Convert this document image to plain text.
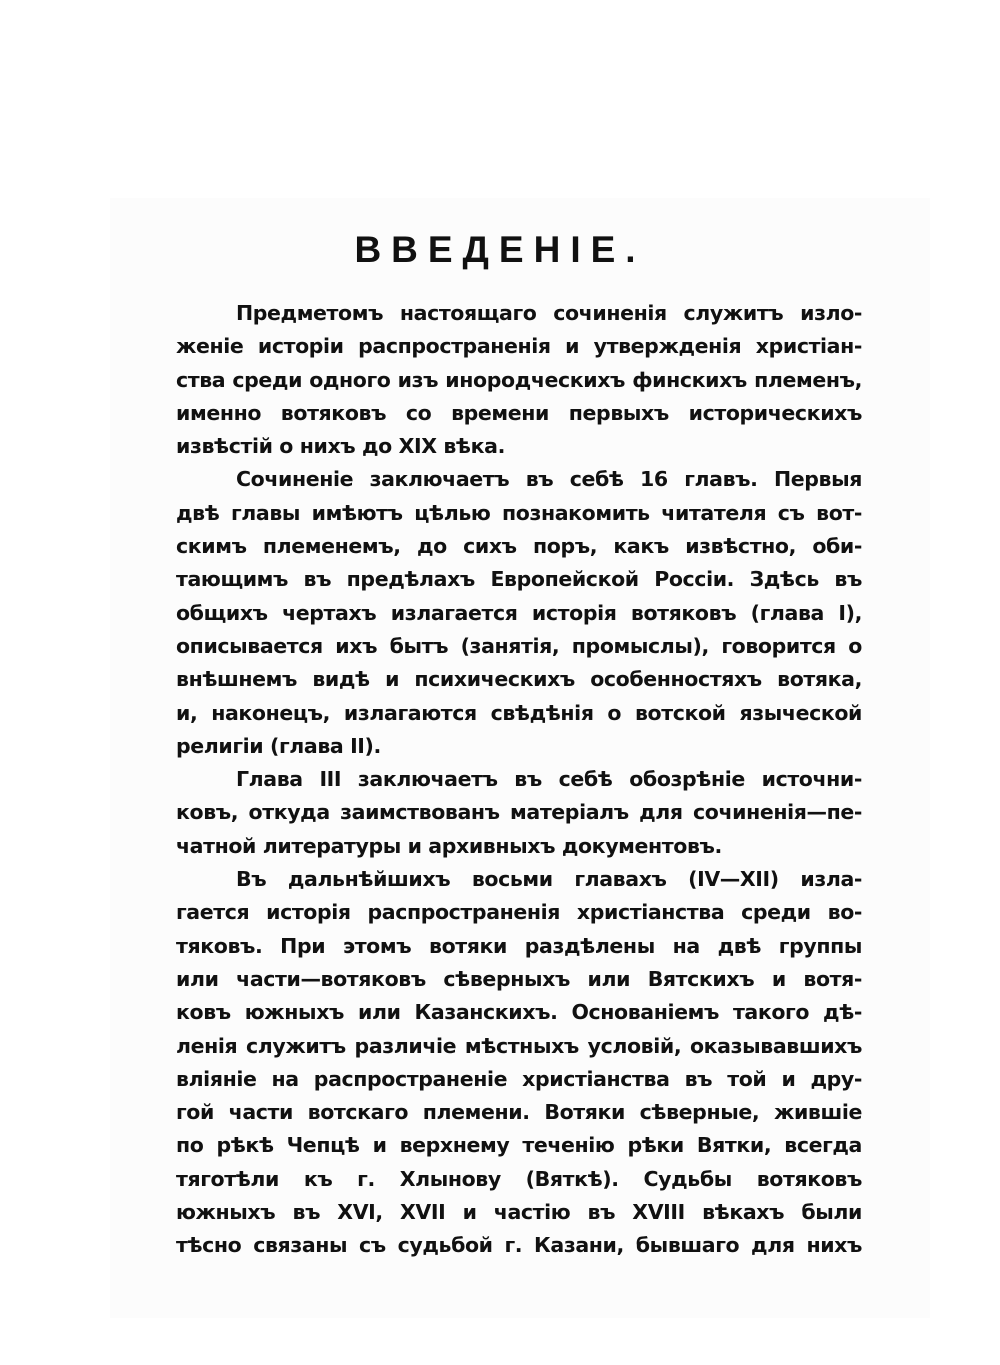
ВВЕДЕНІЕ.
Предметомъ настоящаго сочиненія служитъ изло-
женіе исторіи распространенія и утвержденія христіан-
ства среди одного изъ инородческихъ финскихъ племенъ,
именно вотяковъ со времени первыхъ историческихъ
извѣстій о нихъ до XIX вѣка.
Сочиненіе заключаетъ въ себѣ 16 главъ. Первыя
двѣ главы имѣютъ цѣлью познакомить читателя съ вот-
скимъ племенемъ, до сихъ поръ, какъ извѣстно, оби-
тающимъ въ предѣлахъ Европейской Россіи. Здѣсь въ
общихъ чертахъ излагается исторія вотяковъ (глава I),
описывается ихъ бытъ (занятія, промыслы), говорится о
внѣшнемъ видѣ и психическихъ особенностяхъ вотяка,
и, наконецъ, излагаются свѣдѣнія о вотской языческой
религіи (глава II).
Глава III заключаетъ въ себѣ обозрѣніе источни-
ковъ, откуда заимствованъ матеріалъ для сочиненія—пе-
чатной литературы и архивныхъ документовъ.
Въ дальнѣйшихъ восьми главахъ (IV—XII) изла-
гается исторія распространенія христіанства среди во-
тяковъ. При этомъ вотяки раздѣлены на двѣ группы
или части—вотяковъ сѣверныхъ или Вятскихъ и вотя-
ковъ южныхъ или Казанскихъ. Основаніемъ такого дѣ-
ленія служитъ различіе мѣстныхъ условій, оказывавшихъ
вліяніе на распространеніе христіанства въ той и дру-
гой части вотскаго племени. Вотяки сѣверные, жившіе
по рѣкѣ Чепцѣ и верхнему теченію рѣки Вятки, всегда
тяготѣли къ г. Хлынову (Вяткѣ). Судьбы вотяковъ
южныхъ въ XVI, XVII и частію въ XVIII вѣкахъ были
тѣсно связаны съ судьбой г. Казани, бывшаго для нихъ
